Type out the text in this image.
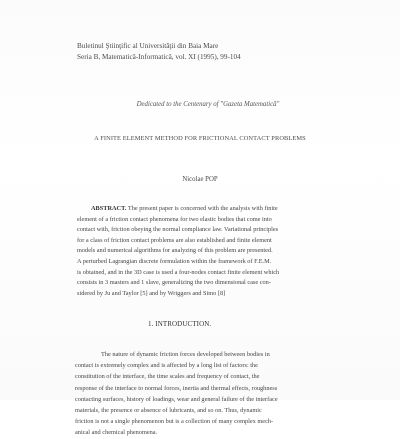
Buletinul Ştiinţific al Universităţii din Baia Mare
Seria B, Matematică-Informatică, vol. XI (1995), 99-104
Dedicated to the Centenary of "Gazeta Matematică"
A FINITE ELEMENT METHOD FOR FRICTIONAL CONTACT PROBLEMS
Nicolae POP
ABSTRACT. The present paper is concerned with the analysis with finite
element of a friction contact phenomena for two elastic bodies that come into
contact with, friction obeying the normal compliance law. Variational principles
for a class of friction contact problems are also established and finite element
models and numerical algorithms for analyzing of this problem are presented.
A perturbed Lagrangian discrete formulation within the framework of F.E.M.
is obtained, and in the 3D case is used a four-nodes contact finite element which
consists in 3 masters and 1 slave, generalizing the two dimensional case con-
sidered by Ju and Taylor [5] and by Wriggers and Simo [8]
1. INTRODUCTION.
The nature of dynamic friction forces developed between bodies in
contact is extremely complex and is affected by a long list of factors: the
constitution of the interface, the time scales and frequency of contact, the
response of the interface to normal forces, inertia and thermal effects, roughness
contacting surfaces, history of loadings, wear and general failure of the interface
materials, the presence or absence of lubricants, and so on. Thus, dynamic
friction is not a single phenomenon but is a collection of many complex mech-
anical and chemical phenomena.
